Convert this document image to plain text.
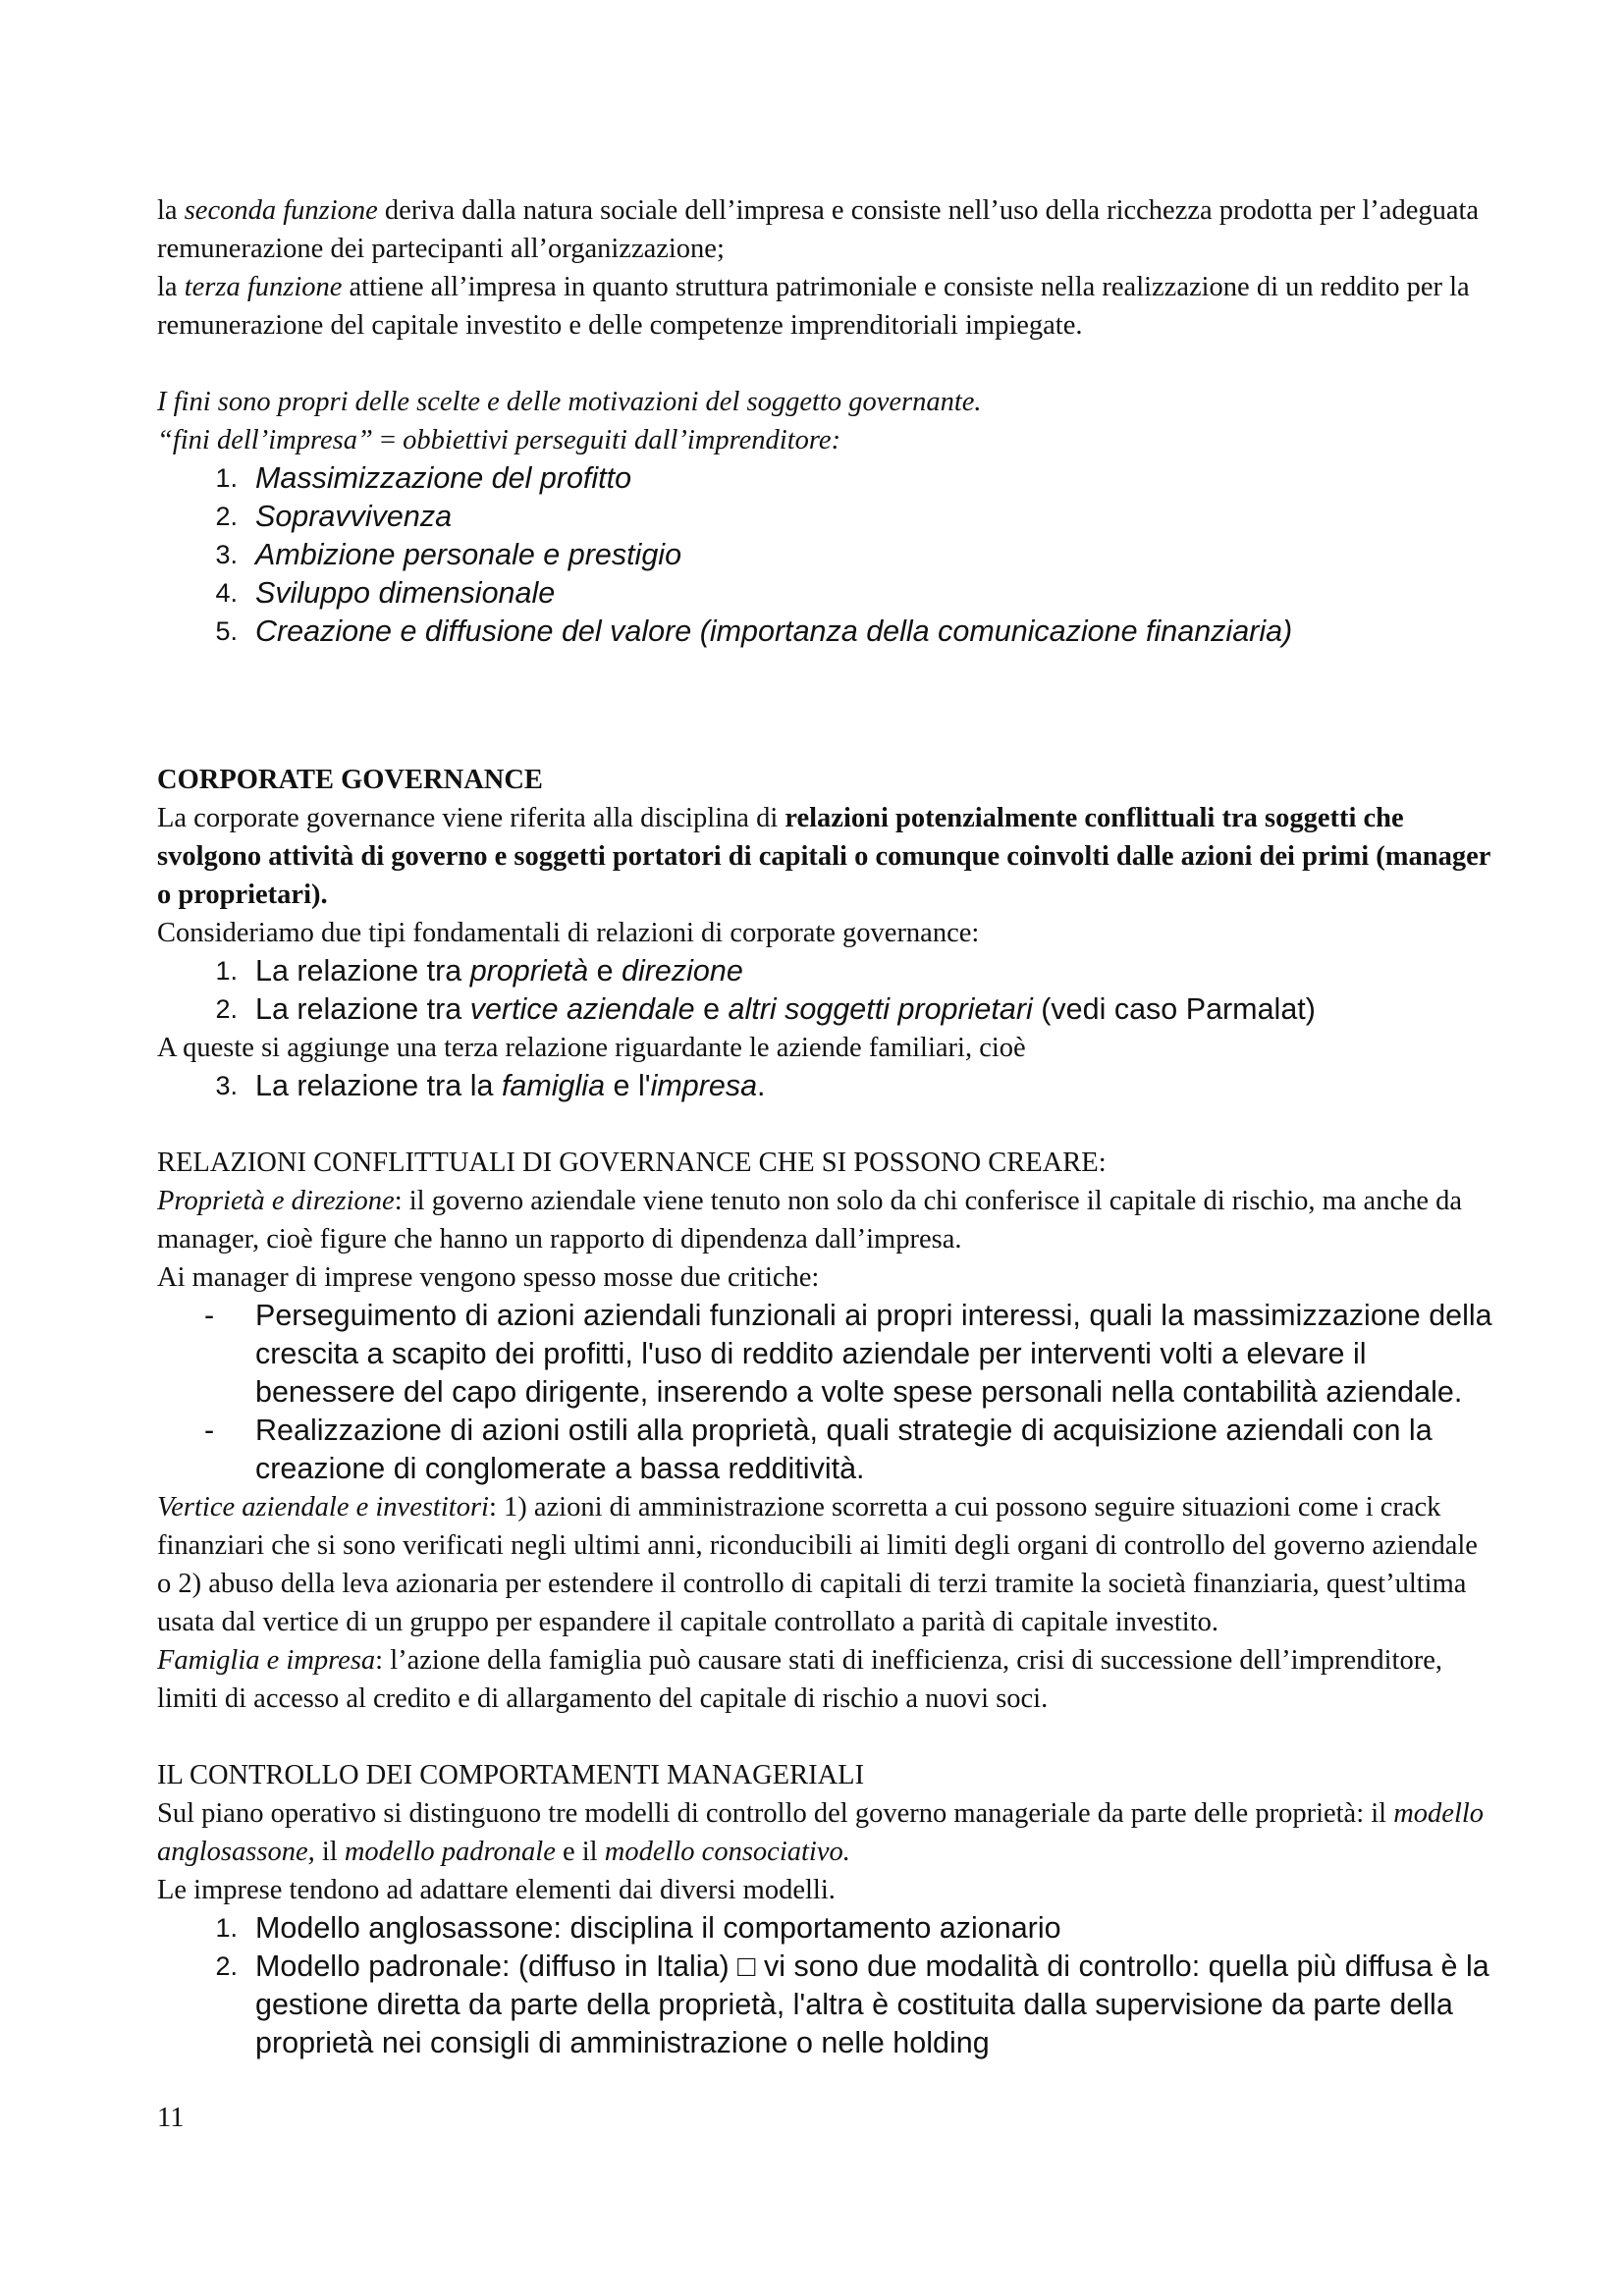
la seconda funzione deriva dalla natura sociale dell’impresa e consiste nell’uso della ricchezza prodotta per l’adeguata remunerazione dei partecipanti all’organizzazione;

la terza funzione attiene all’impresa in quanto struttura patrimoniale e consiste nella realizzazione di un reddito per la remunerazione del capitale investito e delle competenze imprenditoriali impiegate.

I fini sono propri delle scelte e delle motivazioni del soggetto governante.

“fini dell’impresa” = obbiettivi perseguiti dall’imprenditore:

1. Massimizzazione del profitto
2. Sopravvivenza
3. Ambizione personale e prestigio
4. Sviluppo dimensionale
5. Creazione e diffusione del valore (importanza della comunicazione finanziaria)

CORPORATE GOVERNANCE

La corporate governance viene riferita alla disciplina di relazioni potenzialmente conflittuali tra soggetti che svolgono attività di governo e soggetti portatori di capitali o comunque coinvolti dalle azioni dei primi (manager o proprietari).

Consideriamo due tipi fondamentali di relazioni di corporate governance:

1. La relazione tra proprietà e direzione
2. La relazione tra vertice aziendale e altri soggetti proprietari (vedi caso Parmalat)

A queste si aggiunge una terza relazione riguardante le aziende familiari, cioè

3. La relazione tra la famiglia e l'impresa.

RELAZIONI CONFLITTUALI DI GOVERNANCE CHE SI POSSONO CREARE:

Proprietà e direzione: il governo aziendale viene tenuto non solo da chi conferisce il capitale di rischio, ma anche da manager, cioè figure che hanno un rapporto di dipendenza dall’impresa.

Ai manager di imprese vengono spesso mosse due critiche:

-	Perseguimento di azioni aziendali funzionali ai propri interessi, quali la massimizzazione della crescita a scapito dei profitti, l'uso di reddito aziendale per interventi volti a elevare il benessere del capo dirigente, inserendo a volte spese personali nella contabilità aziendale.
-	Realizzazione di azioni ostili alla proprietà, quali strategie di acquisizione aziendali con la creazione di conglomerate a bassa redditività.

Vertice aziendale e investitori: 1) azioni di amministrazione scorretta a cui possono seguire situazioni come i crack finanziari che si sono verificati negli ultimi anni, riconducibili ai limiti degli organi di controllo del governo aziendale o 2) abuso della leva azionaria per estendere il controllo di capitali di terzi tramite la società finanziaria, quest’ultima usata dal vertice di un gruppo per espandere il capitale controllato a parità di capitale investito.

Famiglia e impresa: l’azione della famiglia può causare stati di inefficienza, crisi di successione dell’imprenditore, limiti di accesso al credito e di allargamento del capitale di rischio a nuovi soci.

IL CONTROLLO DEI COMPORTAMENTI MANAGERIALI

Sul piano operativo si distinguono tre modelli di controllo del governo manageriale da parte delle proprietà: il modello anglosassone, il modello padronale e il modello consociativo.

Le imprese tendono ad adattare elementi dai diversi modelli.

1. Modello anglosassone: disciplina il comportamento azionario
2. Modello padronale: (diffuso in Italia) □ vi sono due modalità di controllo: quella più diffusa è la gestione diretta da parte della proprietà, l'altra è costituita dalla supervisione da parte della proprietà nei consigli di amministrazione o nelle holding
11
